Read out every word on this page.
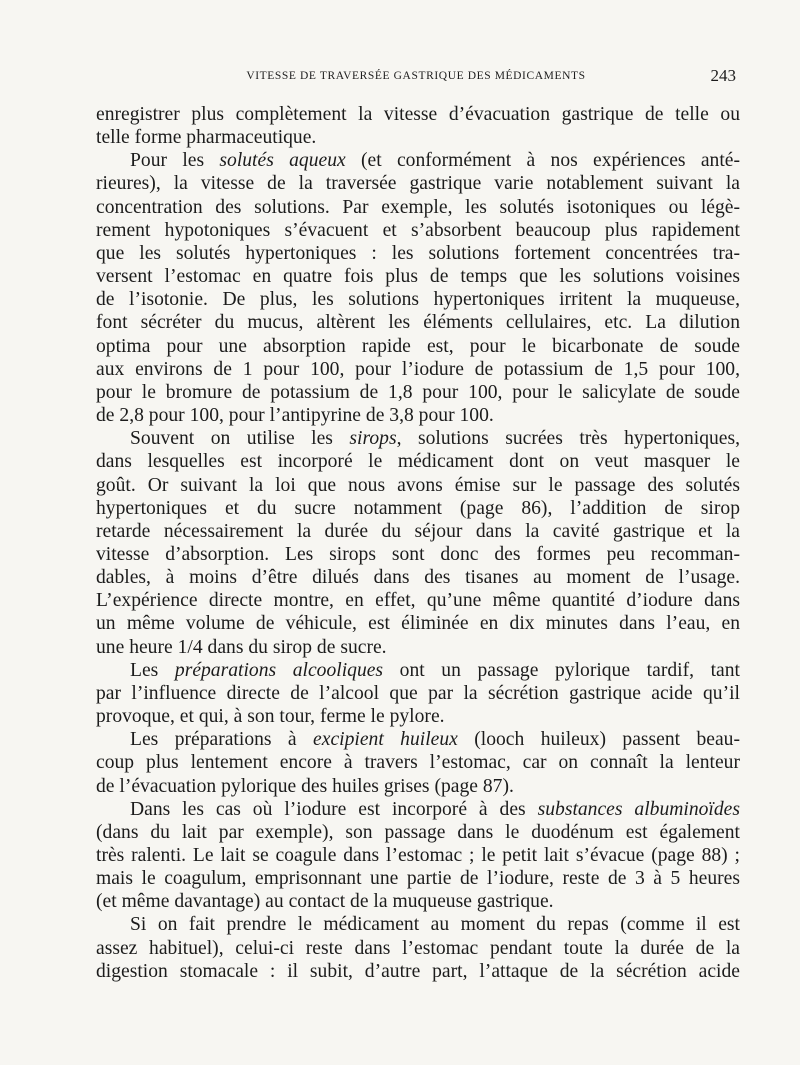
VITESSE DE TRAVERSÉE GASTRIQUE DES MÉDICAMENTS	243
enregistrer plus complètement la vitesse d’évacuation gastrique de telle ou
telle forme pharmaceutique.
Pour les solutés aqueux (et conformément à nos expériences anté-
rieures), la vitesse de la traversée gastrique varie notablement suivant la
concentration des solutions. Par exemple, les solutés isotoniques ou légè-
rement hypotoniques s’évacuent et s’absorbent beaucoup plus rapidement
que les solutés hypertoniques : les solutions fortement concentrées tra-
versent l’estomac en quatre fois plus de temps que les solutions voisines
de l’isotonie. De plus, les solutions hypertoniques irritent la muqueuse,
font sécréter du mucus, altèrent les éléments cellulaires, etc. La dilution
optima pour une absorption rapide est, pour le bicarbonate de soude
aux environs de 1 pour 100, pour l’iodure de potassium de 1,5 pour 100,
pour le bromure de potassium de 1,8 pour 100, pour le salicylate de soude
de 2,8 pour 100, pour l’antipyrine de 3,8 pour 100.
Souvent on utilise les sirops, solutions sucrées très hypertoniques,
dans lesquelles est incorporé le médicament dont on veut masquer le
goût. Or suivant la loi que nous avons émise sur le passage des solutés
hypertoniques et du sucre notamment (page 86), l’addition de sirop
retarde nécessairement la durée du séjour dans la cavité gastrique et la
vitesse d’absorption. Les sirops sont donc des formes peu recomman-
dables, à moins d’être dilués dans des tisanes au moment de l’usage.
L’expérience directe montre, en effet, qu’une même quantité d’iodure dans
un même volume de véhicule, est éliminée en dix minutes dans l’eau, en
une heure 1/4 dans du sirop de sucre.
Les préparations alcooliques ont un passage pylorique tardif, tant
par l’influence directe de l’alcool que par la sécrétion gastrique acide qu’il
provoque, et qui, à son tour, ferme le pylore.
Les préparations à excipient huileux (looch huileux) passent beau-
coup plus lentement encore à travers l’estomac, car on connaît la lenteur
de l’évacuation pylorique des huiles grises (page 87).
Dans les cas où l’iodure est incorporé à des substances albuminoïdes
(dans du lait par exemple), son passage dans le duodénum est également
très ralenti. Le lait se coagule dans l’estomac ; le petit lait s’évacue (page 88) ;
mais le coagulum, emprisonnant une partie de l’iodure, reste de 3 à 5 heures
(et même davantage) au contact de la muqueuse gastrique.
Si on fait prendre le médicament au moment du repas (comme il est
assez habituel), celui-ci reste dans l’estomac pendant toute la durée de la
digestion stomacale : il subit, d’autre part, l’attaque de la sécrétion acide
